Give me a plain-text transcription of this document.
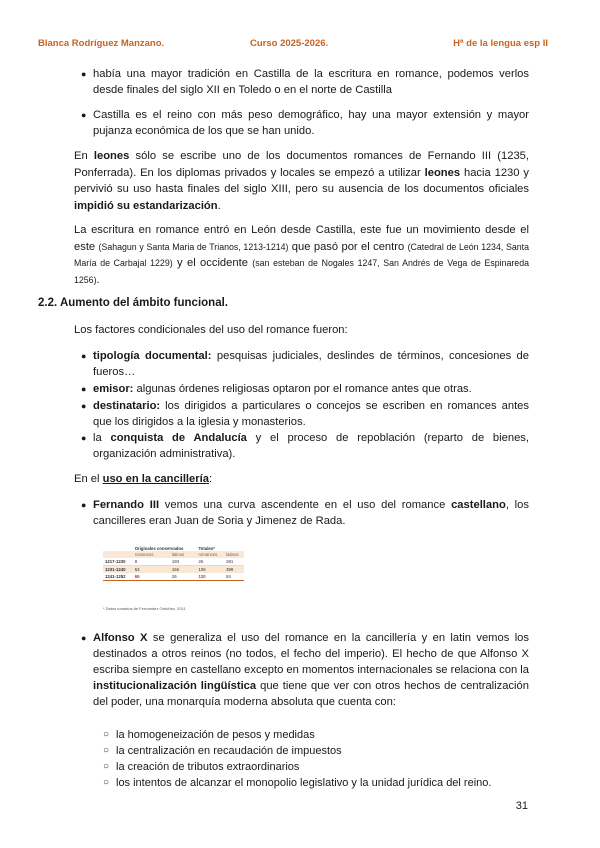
Blanca Rodríguez Manzano.	Curso 2025-2026.	Hª de la lengua esp II
● había una mayor tradición en Castilla de la escritura en romance, podemos verlos desde finales del siglo XII en Toledo o en el norte de Castilla
● Castilla es el reino con más peso demográfico, hay una mayor extensión y mayor pujanza económica de los que se han unido.

En leones sólo se escribe uno de los documentos romances de Fernando III (1235, Ponferrada). En los diplomas privados y locales se empezó a utilizar leones hacia 1230 y pervivió su uso hasta finales del siglo XIII, pero su ausencia de los documentos oficiales impidió su estandarización.

La escritura en romance entró en León desde Castilla, este fue un movimiento desde el este (Sahagun y Santa Maria de Trianos, 1213-1214) que pasó por el centro (Catedral de León 1234, Santa María de Carbajal 1229) y el occidente (san esteban de Nogales 1247, San Andrés de Vega de Espinareda 1256).

2.2. Aumento del ámbito funcional.

Los factores condicionales del uso del romance fueron:

● tipología documental: pesquisas judiciales, deslindes de términos, concesiones de fueros…
● emisor: algunas órdenes religiosas optaron por el romance antes que otras.
● destinatario: los dirigidos a particulares o concejos se escriben en romances antes que los dirigidos a la iglesia y monasterios.
● la conquista de Andalucía y el proceso de repoblación (reparto de bienes, organización administrativa).

En el uso en la cancillería:

● Fernando III vemos una curva ascendente en el uso del romance castellano, los cancilleres eran Juan de Soria y Jimenez de Rada.
	Originales conservados		Totales*	
	romances	latinos	romances	latinos
1217-1230	8	193	26	281
1231-1240	53	166	105	399
1241-1252	69	26	120	84
* Datos tomados de Fernández Ordóñez, 2011
● Alfonso X se generaliza el uso del romance en la cancillería y en latin vemos los destinados a otros reinos (no todos, el fecho del imperio). El hecho de que Alfonso X escriba siempre en castellano excepto en momentos internacionales se relaciona con la institucionalización lingüística que tiene que ver con otros hechos de centralización del poder, una monarquía moderna absoluta que cuenta con:
○ la homogeneización de pesos y medidas
○ la centralización en recaudación de impuestos
○ la creación de tributos extraordinarios
○ los intentos de alcanzar el monopolio legislativo y la unidad jurídica del reino.
31
